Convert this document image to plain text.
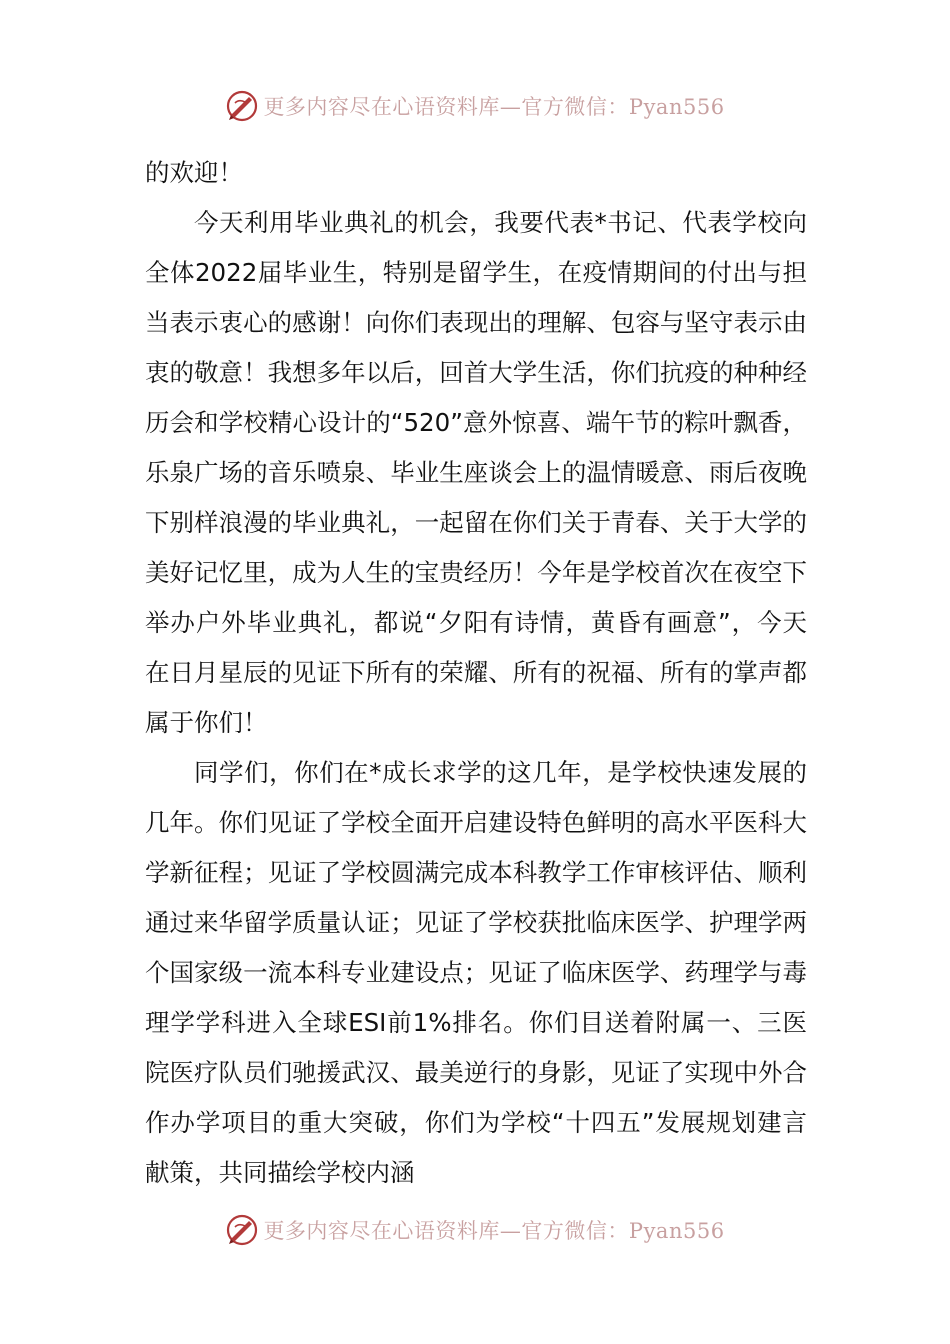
更多内容尽在心语资料库—官方微信：Pyan556

的欢迎！

今天利用毕业典礼的机会，我要代表*书记、代表学校向全体2022届毕业生，特别是留学生，在疫情期间的付出与担当表示衷心的感谢！向你们表现出的理解、包容与坚守表示由衷的敬意！我想多年以后，回首大学生活，你们抗疫的种种经历会和学校精心设计的“520”意外惊喜、端午节的粽叶飘香，乐泉广场的音乐喷泉、毕业生座谈会上的温情暖意、雨后夜晚下别样浪漫的毕业典礼，一起留在你们关于青春、关于大学的美好记忆里，成为人生的宝贵经历！今年是学校首次在夜空下举办户外毕业典礼，都说“夕阳有诗情，黄昏有画意”，今天在日月星辰的见证下所有的荣耀、所有的祝福、所有的掌声都属于你们！

同学们，你们在*成长求学的这几年，是学校快速发展的几年。你们见证了学校全面开启建设特色鲜明的高水平医科大学新征程；见证了学校圆满完成本科教学工作审核评估、顺利通过来华留学质量认证；见证了学校获批临床医学、护理学两个国家级一流本科专业建设点；见证了临床医学、药理学与毒理学学科进入全球ESI前1%排名。你们目送着附属一、三医院医疗队员们驰援武汉、最美逆行的身影，见证了实现中外合作办学项目的重大突破，你们为学校“十四五”发展规划建言献策，共同描绘学校内涵

更多内容尽在心语资料库—官方微信：Pyan556
